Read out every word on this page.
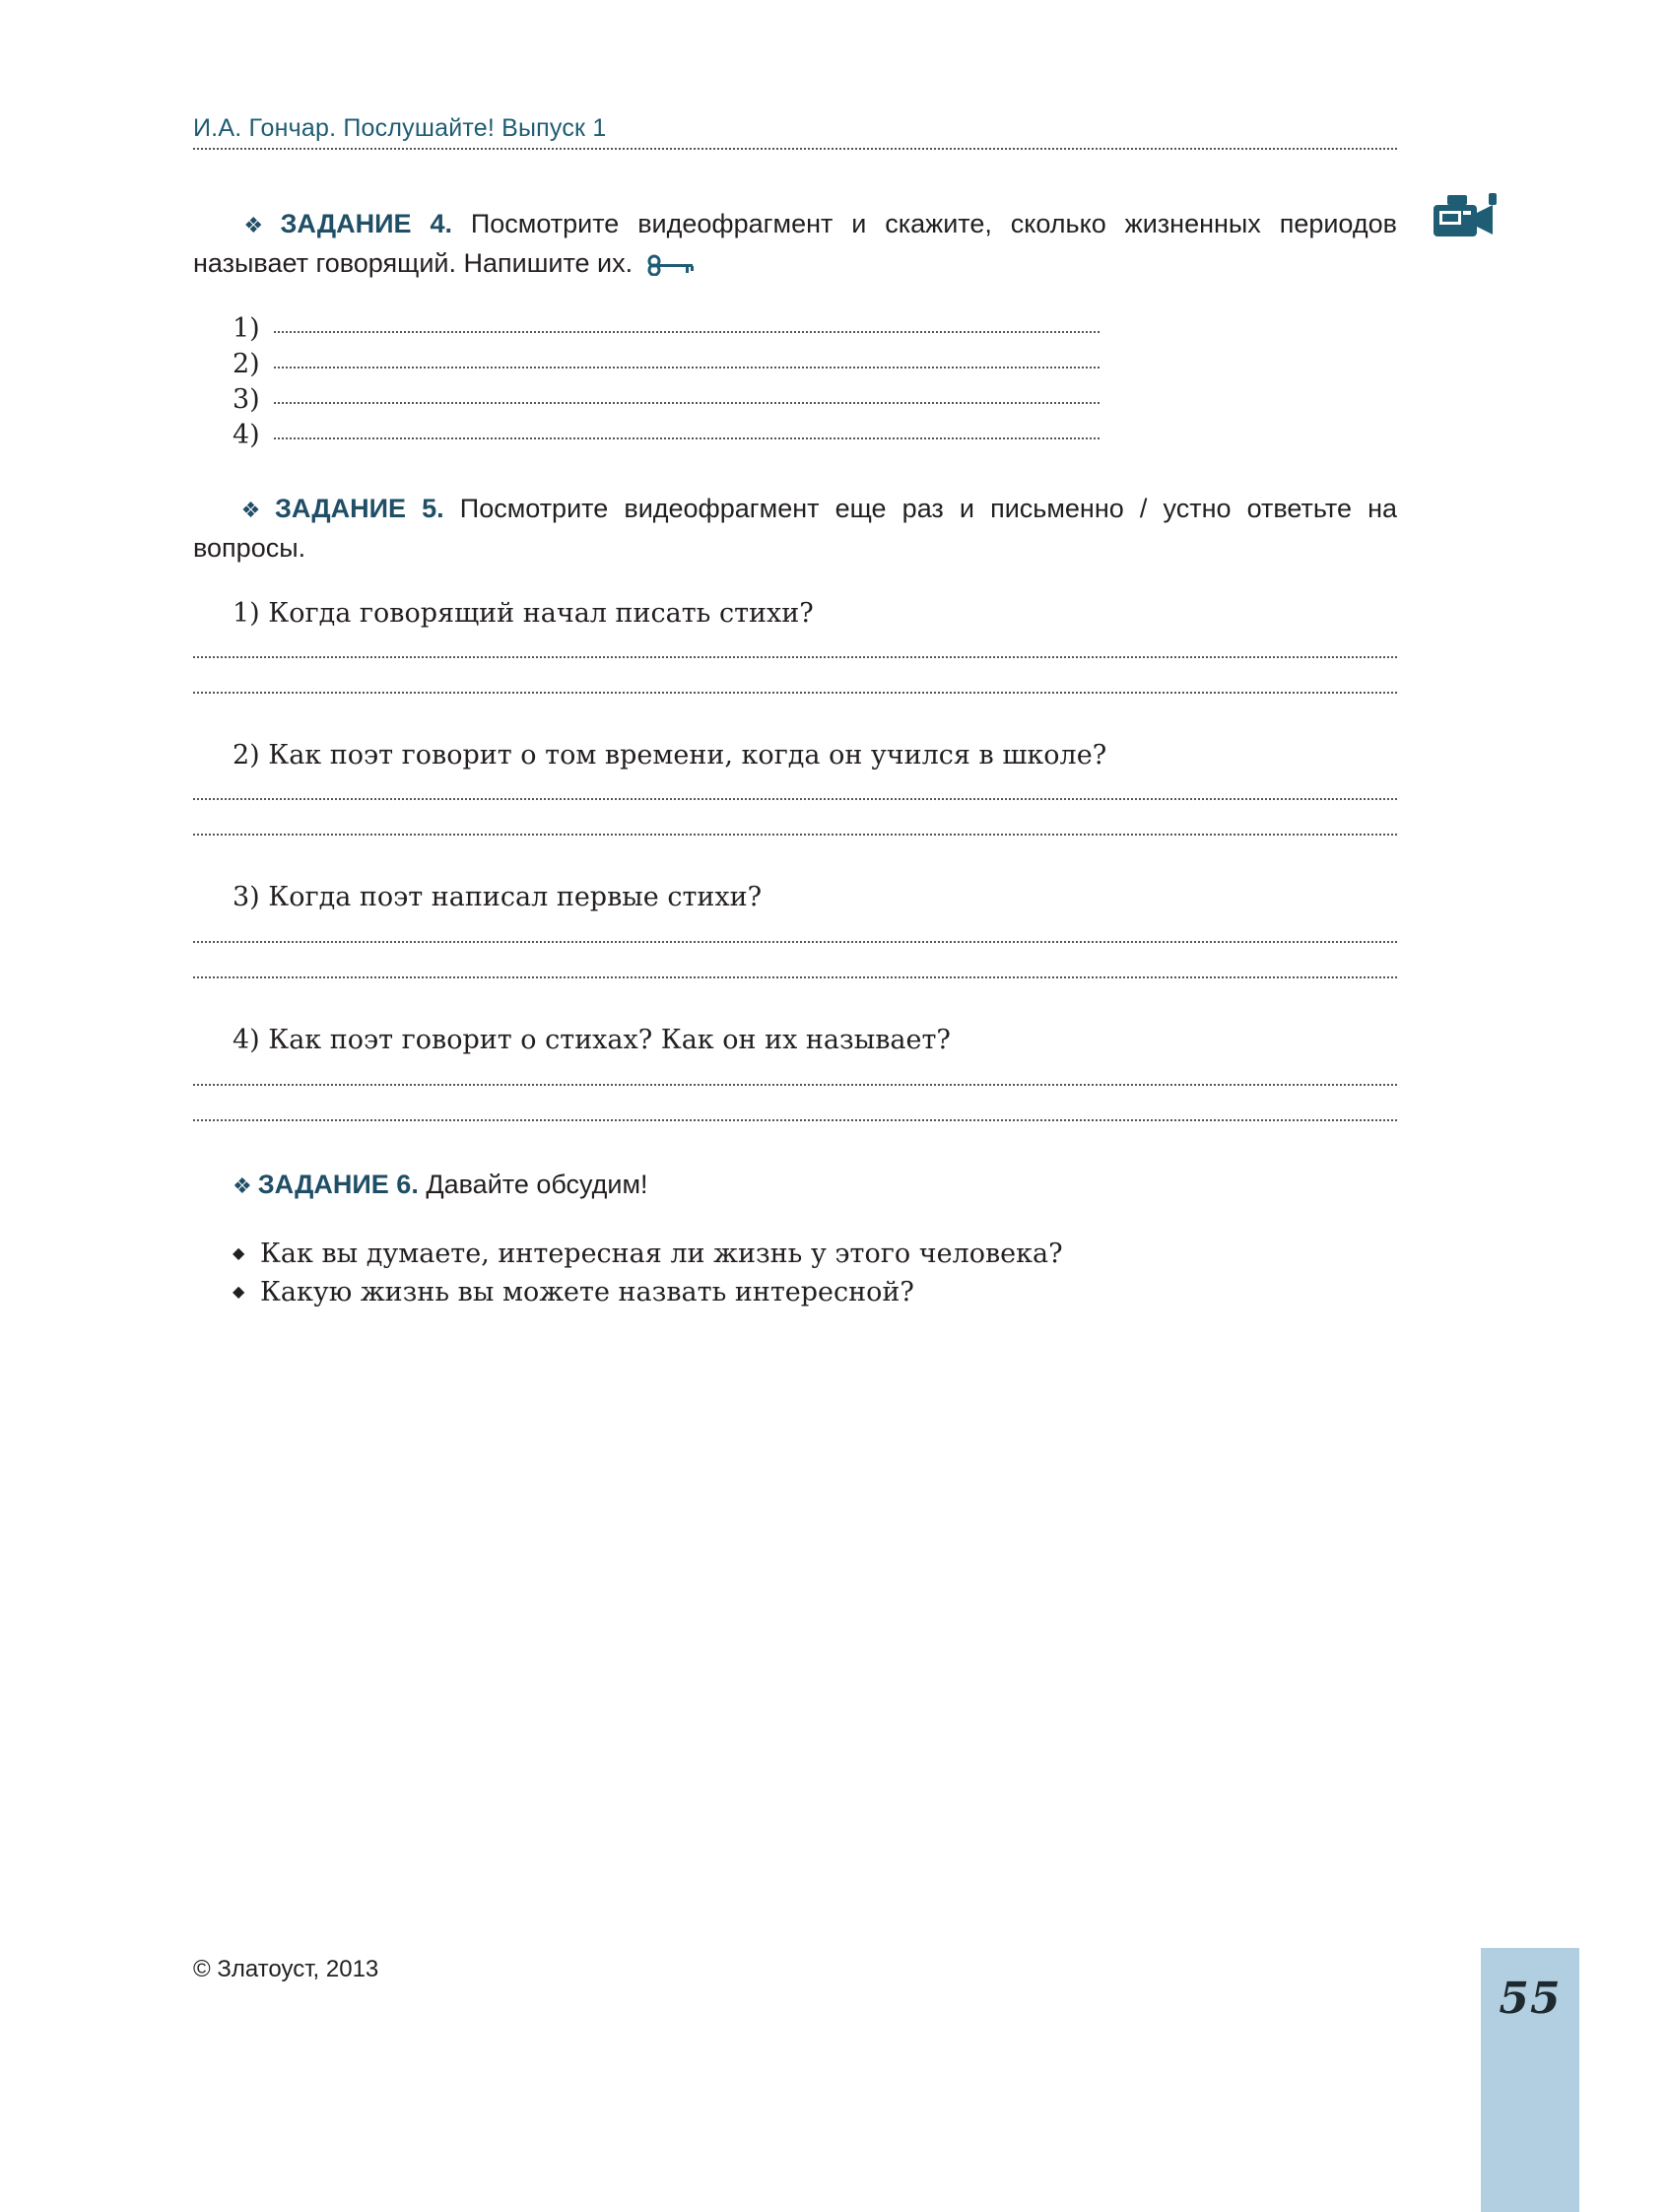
И.А. Гончар. Послушайте! Выпуск 1
❖ ЗАДАНИЕ 4. Посмотрите видеофрагмент и скажите, сколько жизненных периодов называет говорящий. Напишите их.
1)
2)
3)
4)
❖ ЗАДАНИЕ 5. Посмотрите видеофрагмент еще раз и письменно / устно ответьте на вопросы.
1) Когда говорящий начал писать стихи?
2) Как поэт говорит о том времени, когда он учился в школе?
3) Когда поэт написал первые стихи?
4) Как поэт говорит о стихах? Как он их называет?
❖ ЗАДАНИЕ 6. Давайте обсудим!
◆ Как вы думаете, интересная ли жизнь у этого человека?
◆ Какую жизнь вы можете назвать интересной?
© Златоуст, 2013
55
